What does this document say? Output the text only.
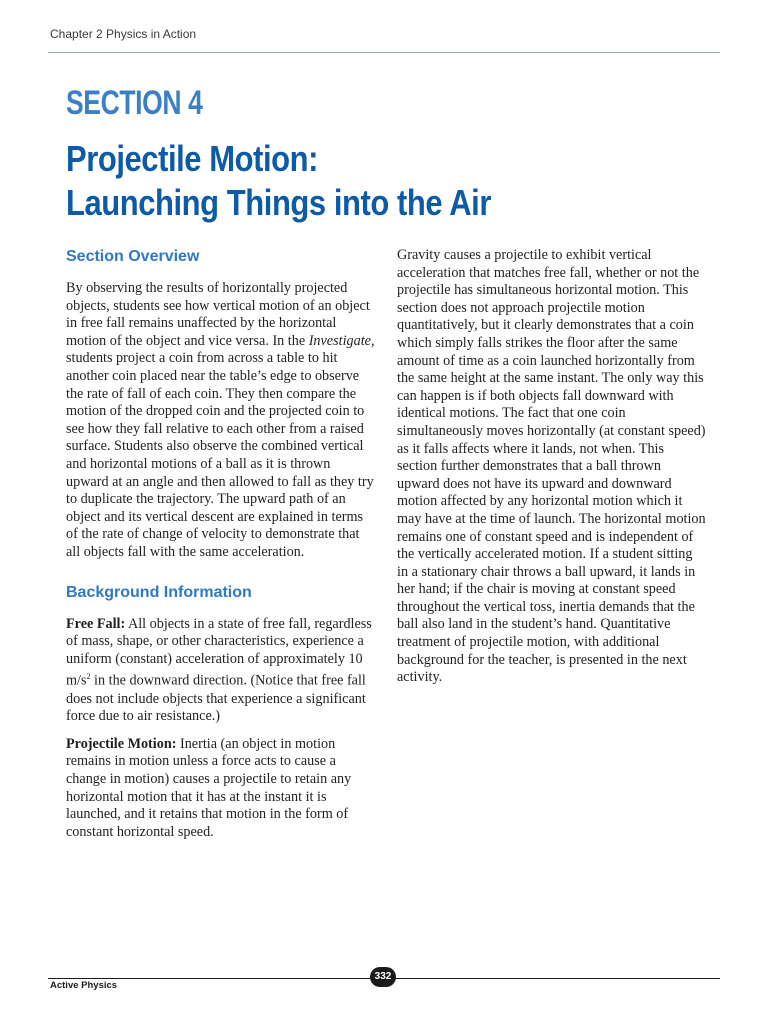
Chapter 2 Physics in Action
SECTION 4
Projectile Motion:
Launching Things into the Air
Section Overview

By observing the results of horizontally projected objects, students see how vertical motion of an object in free fall remains unaffected by the horizontal motion of the object and vice versa. In the Investigate, students project a coin from across a table to hit another coin placed near the table’s edge to observe the rate of fall of each coin. They then compare the motion of the dropped coin and the projected coin to see how they fall relative to each other from a raised surface. Students also observe the combined vertical and horizontal motions of a ball as it is thrown upward at an angle and then allowed to fall as they try to duplicate the trajectory. The upward path of an object and its vertical descent are explained in terms of the rate of change of velocity to demonstrate that all objects fall with the same acceleration.

Background Information

Free Fall: All objects in a state of free fall, regardless of mass, shape, or other characteristics, experience a uniform (constant) acceleration of approximately 10 $m/s^2$ in the downward direction. (Notice that free fall does not include objects that experience a significant force due to air resistance.)

Projectile Motion: Inertia (an object in motion remains in motion unless a force acts to cause a change in motion) causes a projectile to retain any horizontal motion that it has at the instant it is launched, and it retains that motion in the form of constant horizontal speed.

Gravity causes a projectile to exhibit vertical acceleration that matches free fall, whether or not the projectile has simultaneous horizontal motion. This section does not approach projectile motion quantitatively, but it clearly demonstrates that a coin which simply falls strikes the floor after the same amount of time as a coin launched horizontally from the same height at the same instant. The only way this can happen is if both objects fall downward with identical motions. The fact that one coin simultaneously moves horizontally (at constant speed) as it falls affects where it lands, not when. This section further demonstrates that a ball thrown upward does not have its upward and downward motion affected by any horizontal motion which it may have at the time of launch. The horizontal motion remains one of constant speed and is independent of the vertically accelerated motion. If a student sitting in a stationary chair throws a ball upward, it lands in her hand; if the chair is moving at constant speed throughout the vertical toss, inertia demands that the ball also land in the student’s hand. Quantitative treatment of projectile motion, with additional background for the teacher, is presented in the next activity.

332
Active Physics
